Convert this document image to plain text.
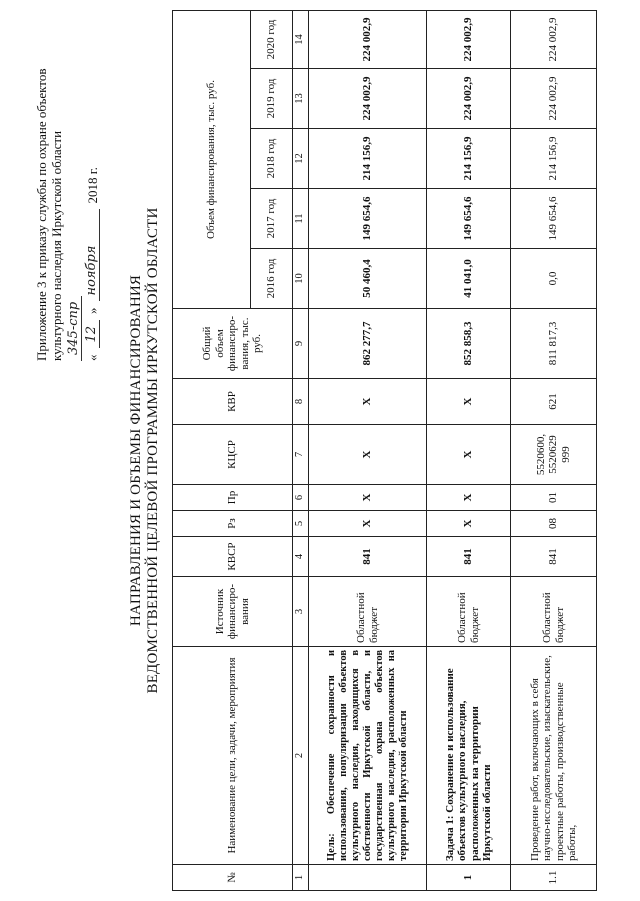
Приложение 3 к приказу службы по охране объектов культурного наследия Иркутской области 345-спр
«
12
»
ноября
2018 г.
НАПРАВЛЕНИЯ И ОБЪЕМЫ ФИНАНСИРОВАНИЯ ВЕДОМСТВЕННОЙ ЦЕЛЕВОЙ ПРОГРАММЫ ИРКУТСКОЙ ОБЛАСТИ
№	Наименование цели, задачи, мероприятия	Источник финансиро-вания	КВСР	Рз	Пр	КЦСР	КВР	Общий объем финансиро-вания, тыс. руб.	Объем финансирования, тыс. руб.				
									2016 год	2017 год	2018 год	2019 год	2020 год
1	2	3	4	5	6	7	8	9	10	11	12	13	14
	Цель: Обеспечение сохранности и использования, популяризации объектов культурного наследия, находящихся в собственности Иркутской области, и государственная охрана объектов культурного наследия, расположенных на территории Иркутской области	Областной бюджет	841	X	X	X	X	862 277,7	50 460,4	149 654,6	214 156,9	224 002,9	224 002,9
1	Задача 1: Сохранение и использование объектов культурного наследия, расположенных на территории Иркутской области	Областной бюджет	841	X	X	X	X	852 858,3	41 041,0	149 654,6	214 156,9	224 002,9	224 002,9
1.1	Проведение работ, включающих в себя научно-исследовательские, изыскательские, проектные работы, производственные работы,	Областной бюджет	841	08	01	5520600, 5520629 999	621	811 817,3	0,0	149 654,6	214 156,9	224 002,9	224 002,9
